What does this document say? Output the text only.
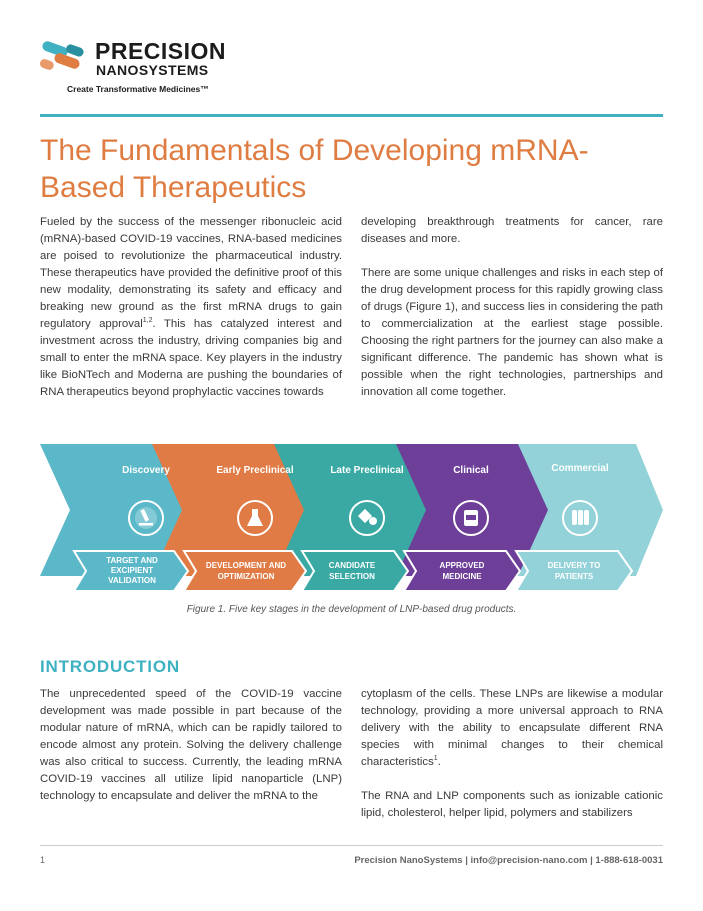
PRECISION
NANOSYSTEMS
Create Transformative Medicines™
The Fundamentals of Developing mRNA-Based Therapeutics

Fueled by the success of the messenger ribonucleic acid (mRNA)-based COVID-19 vaccines, RNA-based medicines are poised to revolutionize the pharmaceutical industry. These therapeutics have provided the definitive proof of this new modality, demonstrating its safety and efficacy and breaking new ground as the first mRNA drugs to gain regulatory approval$^{1,2}$. This has catalyzed interest and investment across the industry, driving companies big and small to enter the mRNA space. Key players in the industry like BioNTech and Moderna are pushing the boundaries of RNA therapeutics beyond prophylactic vaccines towards

developing breakthrough treatments for cancer, rare diseases and more.

There are some unique challenges and risks in each step of the drug development process for this rapidly growing class of drugs (Figure 1), and success lies in considering the path to commercialization at the earliest stage possible. Choosing the right partners for the journey can also make a significant difference. The pandemic has shown what is possible when the right technologies, partnerships and innovation all come together.

Discovery	Early Preclinical	Late Preclinical	Clinical	Commercial
TARGET AND
EXCIPIENT
VALIDATION
DEVELOPMENT AND
OPTIMIZATION
CANDIDATE
SELECTION
APPROVED
MEDICINE
DELIVERY TO
PATIENTS
Figure 1. Five key stages in the development of LNP-based drug products.
INTRODUCTION

The unprecedented speed of the COVID-19 vaccine development was made possible in part because of the modular nature of mRNA, which can be rapidly tailored to encode almost any protein. Solving the delivery challenge was also critical to success. Currently, the leading mRNA COVID-19 vaccines all utilize lipid nanoparticle (LNP) technology to encapsulate and deliver the mRNA to the

cytoplasm of the cells. These LNPs are likewise a modular technology, providing a more universal approach to RNA delivery with the ability to encapsulate different RNA species with minimal changes to their chemical characteristics$^1$.

The RNA and LNP components such as ionizable cationic lipid, cholesterol, helper lipid, polymers and stabilizers

1	Precision NanoSystems | info@precision-nano.com | 1-888-618-0031
